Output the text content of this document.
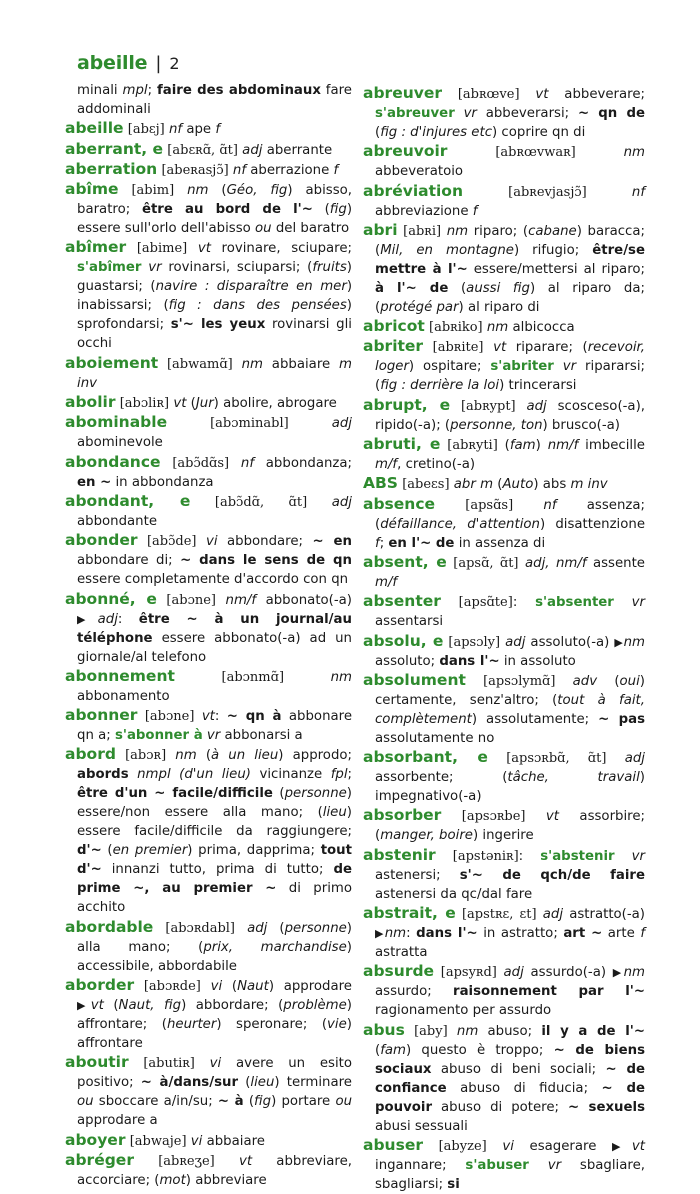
abeille | 2

minali mpl; faire des abdominaux fare addominali

abeille [abɛj] nf ape f

aberrant, e [abɛʀɑ̃, ɑ̃t] adj aberrante

aberration [abeʀasjɔ̃] nf aberrazione f

abîme [abim] nm (Géo, fig) abisso, baratro; être au bord de l'~ (fig) essere sull'orlo dell'abisso ou del baratro

abîmer [abime] vt rovinare, sciupare; s'abîmer vr rovinarsi, sciuparsi; (fruits) guastarsi; (navire : disparaître en mer) inabissarsi; (fig : dans des pensées) sprofondarsi; s'~ les yeux rovinarsi gli occhi

aboiement [abwamɑ̃] nm abbaiare m inv

abolir [abɔliʀ] vt (Jur) abolire, abrogare

abominable	[abɔminabl]	adj abominevole

abondance [abɔ̃dɑ̃s] nf abbondanza; en ~ in abbondanza

abondant, e [abɔ̃dɑ̃, ɑ̃t] adj abbondante

abonder [abɔ̃de] vi abbondare; ~ en abbondare di; ~ dans le sens de qn essere completamente d'accordo con qn

abonné, e [abɔne] nm/f abbonato(-a) ▶adj: être ~ à un journal/au téléphone essere abbonato(-a) ad un giornale/al telefono

abonnement	[abɔnmɑ̃]	nm abbonamento

abonner [abɔne] vt: ~ qn à abbonare qn a; s'abonner à vr abbonarsi a

abord [abɔʀ] nm (à un lieu) approdo; abords nmpl (d'un lieu) vicinanze fpl; être d'un ~ facile/difficile (personne) essere/non essere alla mano; (lieu) essere facile/difficile da raggiungere; d'~ (en premier) prima, dapprima; tout d'~ innanzi tutto, prima di tutto; de prime ~, au premier ~ di primo acchito

abordable [abɔʀdabl] adj (personne) alla mano; (prix, marchandise) accessibile, abbordabile

aborder [abɔʀde] vi (Naut) approdare ▶vt (Naut, fig) abbordare; (problème) affrontare; (heurter) speronare; (vie) affrontare

aboutir [abutiʀ] vi avere un esito positivo; ~ à/dans/sur (lieu) terminare ou sboccare a/in/su; ~ à (fig) portare ou approdare a

aboyer [abwaje] vi abbaiare

abréger [abʀeʒe] vt abbreviare, accorciare; (mot) abbreviare

abreuver [abʀœve] vt abbeverare; s'abreuver vr abbeverarsi; ~ qn de (fig : d'injures etc) coprire qn di

abreuvoir	[abʀœvwaʀ]	nm abbeveratoio

abréviation	[abʀevjasjɔ̃]	nf abbreviazione f

abri [abʀi] nm riparo; (cabane) baracca; (Mil, en montagne) rifugio; être/se mettre à l'~ essere/mettersi al riparo; à l'~ de (aussi fig) al riparo da; (protégé par) al riparo di

abricot [abʀiko] nm albicocca

abriter [abʀite] vt riparare; (recevoir, loger) ospitare; s'abriter vr ripararsi; (fig : derrière la loi) trincerarsi

abrupt, e [abʀypt] adj scosceso(-a), ripido(-a); (personne, ton) brusco(-a)

abruti, e [abʀyti] (fam) nm/f imbecille m/f, cretino(-a)

ABS [abeɛs] abr m (Auto) abs m inv

absence [apsɑ̃s] nf assenza; (défaillance, d'attention) disattenzione f; en l'~ de in assenza di

absent, e [apsɑ̃, ɑ̃t] adj, nm/f assente m/f

absenter [apsɑ̃te]: s'absenter vr assentarsi

absolu, e [apsɔly] adj assoluto(-a) ▶nm assoluto; dans l'~ in assoluto

absolument [apsɔlymɑ̃] adv (oui) certamente, senz'altro; (tout à fait, complètement) assolutamente; ~ pas assolutamente no

absorbant, e [apsɔʀbɑ̃, ɑ̃t] adj assorbente; (tâche, travail) impegnativo(-a)

absorber [apsɔʀbe] vt assorbire; (manger, boire) ingerire

abstenir [apstəniʀ]: s'abstenir vr astenersi; s'~ de qch/de faire astenersi da qc/dal fare

abstrait, e [apstʀɛ, ɛt] adj astratto(-a) ▶nm: dans l'~ in astratto; art ~ arte f astratta

absurde [apsyʀd] adj assurdo(-a) ▶nm assurdo; raisonnement par l'~ ragionamento per assurdo

abus [aby] nm abuso; il y a de l'~ (fam) questo è troppo; ~ de biens sociaux abuso di beni sociali; ~ de confiance abuso di fiducia; ~ de pouvoir abuso di potere; ~ sexuels abusi sessuali

abuser [abyze] vi esagerare ▶vt ingannare; s'abuser vr sbagliare, sbagliarsi; si
